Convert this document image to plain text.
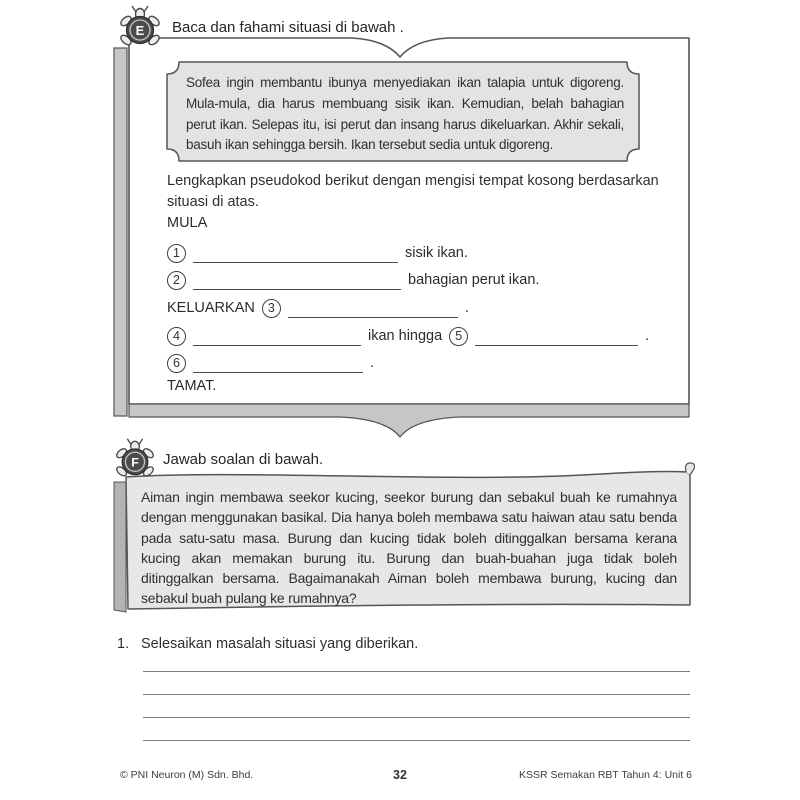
E Baca dan fahami situasi di bawah .
Sofea ingin membantu ibunya menyediakan ikan talapia untuk digoreng. Mula-mula, dia harus membuang sisik ikan. Kemudian, belah bahagian perut ikan. Selepas itu, isi perut dan insang harus dikeluarkan. Akhir sekali, basuh ikan sehingga bersih. Ikan tersebut sedia untuk digoreng.
Lengkapkan pseudokod berikut dengan mengisi tempat kosong berdasarkan situasi di atas.
MULA
1	sisik ikan.
2	bahagian perut ikan.
KELUARKAN	3	.
4	ikan hingga	5	.
6	.
TAMAT.
F Jawab soalan di bawah.
Aiman ingin membawa seekor kucing, seekor burung dan sebakul buah ke rumahnya dengan menggunakan basikal. Dia hanya boleh membawa satu haiwan atau satu benda pada satu-satu masa. Burung dan kucing tidak boleh ditinggalkan bersama kerana kucing akan memakan burung itu. Burung dan buah-buahan juga tidak boleh ditinggalkan bersama. Bagaimanakah Aiman boleh membawa burung, kucing dan sebakul buah pulang ke rumahnya?
1. Selesaikan masalah situasi yang diberikan.
© PNI Neuron (M) Sdn. Bhd.	32	KSSR Semakan RBT Tahun 4: Unit 6
